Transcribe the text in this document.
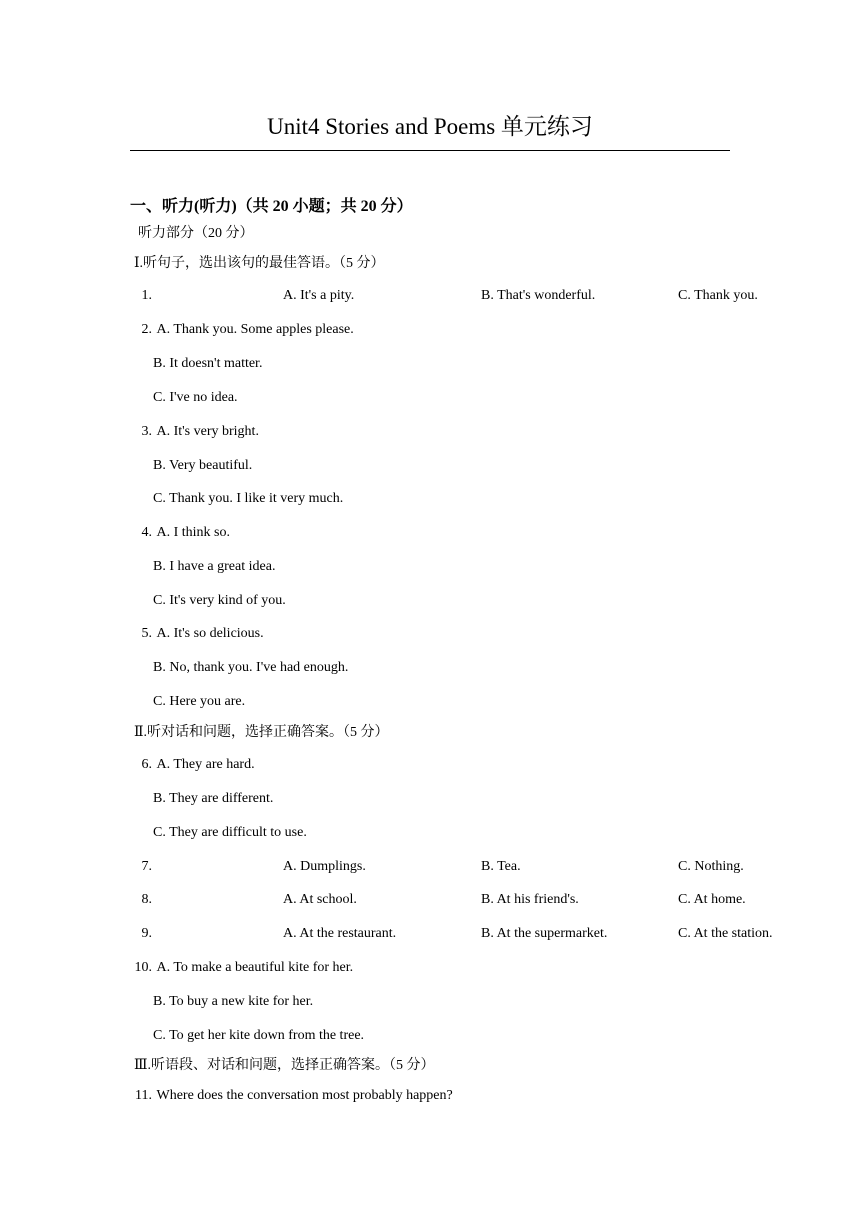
Unit4 Stories and Poems 单元练习
一、听力(听力)（共 20 小题；共 20 分）
听力部分（20 分）
Ⅰ.听句子，选出该句的最佳答语。（5 分）
1.	A. It's a pity.	B. That's wonderful.	C. Thank you.
2. A. Thank you. Some apples please.
B. It doesn't matter.
C. I've no idea.
3. A. It's very bright.
B. Very beautiful.
C. Thank you. I like it very much.
4. A. I think so.
B. I have a great idea.
C. It's very kind of you.
5. A. It's so delicious.
B. No, thank you. I've had enough.
C. Here you are.
Ⅱ.听对话和问题，选择正确答案。（5 分）
6. A. They are hard.
B. They are different.
C. They are difficult to use.
7.	A. Dumplings.	B. Tea.	C. Nothing.
8.	A. At school.	B. At his friend's.	C. At home.
9.	A. At the restaurant.	B. At the supermarket.	C. At the station.
10. A. To make a beautiful kite for her.
B. To buy a new kite for her.
C. To get her kite down from the tree.
Ⅲ.听语段、对话和问题，选择正确答案。（5 分）
11. Where does the conversation most probably happen?
